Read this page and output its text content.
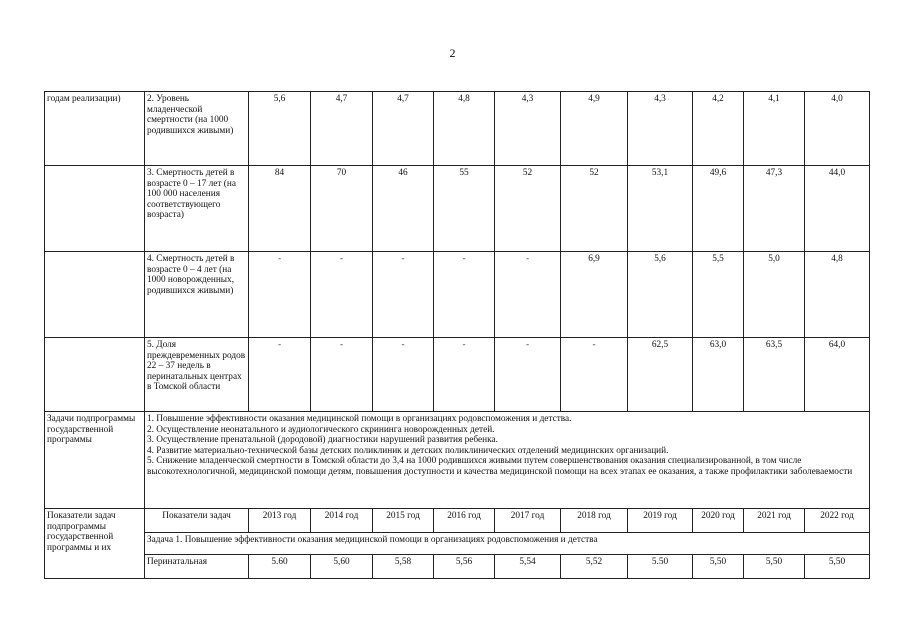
2
годам реализации)	2. Уровень младенческой смертности (на 1000 родившихся живыми)	5,6	4,7	4,7	4,8	4,3	4,9	4,3	4,2	4,1	4,0
	3. Смертность детей в возрасте 0 – 17 лет (на 100 000 населения соответствующего возраста)	84	70	46	55	52	52	53,1	49,6	47,3	44,0
	4. Смертность детей в возрасте 0 – 4 лет (на 1000 новорожденных, родившихся живыми)	-	-	-	-	-	6,9	5,6	5,5	5,0	4,8
	5. Доля преждевременных родов 22 – 37 недель в перинатальных центрах в Томской области	-	-	-	-	-	-	62,5	63,0	63,5	64,0
Задачи подпрограммы государственной программы	1. Повышение эффективности оказания медицинской помощи в организациях родовспоможения и детства.
2. Осуществление неонатального и аудиологического скрининга новорожденных детей.
3. Осуществление пренатальной (дородовой) диагностики нарушений развития ребенка.
4. Развитие материально-технической базы детских поликлиник и детских поликлинических отделений медицинских организаций.
5. Снижение младенческой смертности в Томской области до 3,4 на 1000 родившихся живыми путем совершенствования оказания специализированной, в том числе высокотехнологичной, медицинской помощи детям, повышения доступности и качества медицинской помощи на всех этапах ее оказания, а также профилактики заболеваемости										

Показатели задач подпрограммы государственной программы и их	Показатели задач	2013 год	2014 год	2015 год	2016 год	2017 год	2018 год	2019 год	2020 год	2021 год	2022 год
	Задача 1. Повышение эффективности оказания медицинской помощи в организациях родовспоможения и детства										
	Перинатальная	5.60	5,60	5,58	5,56	5,54	5,52	5.50	5,50	5,50	5,50
